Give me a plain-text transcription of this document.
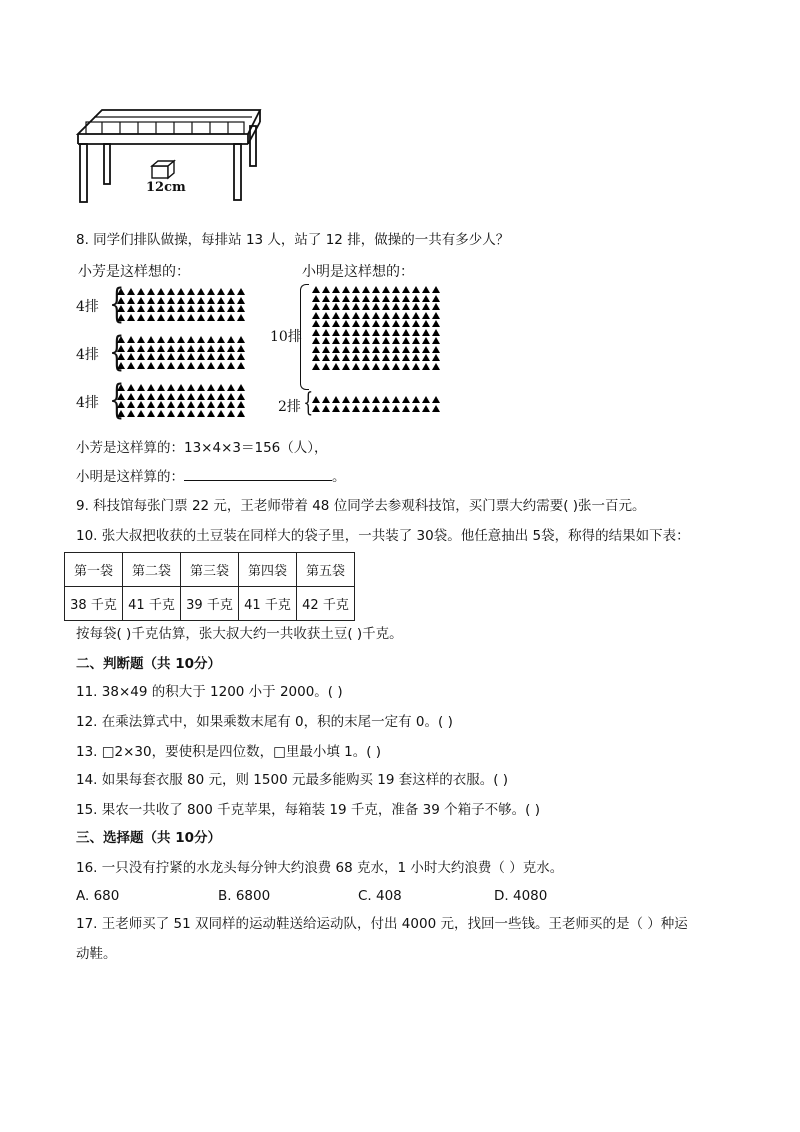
12cm
8. 同学们排队做操，每排站 13 人，站了 12 排，做操的一共有多少人？
小芳是这样想的：	小明是这样想的：
4排 {
4排 {
4排 {
10排
2排 {
小芳是这样算的：13×4×3＝156（人），
小明是这样算的：	。
9. 科技馆每张门票 22 元，王老师带着 48 位同学去参观科技馆，买门票大约需要( )张一百元。
10. 张大叔把收获的土豆装在同样大的袋子里，一共装了 30袋。他任意抽出 5袋，称得的结果如下表：
第一袋	第二袋	第三袋	第四袋	第五袋
38 千克	41 千克	39 千克	41 千克	42 千克
按每袋( )千克估算，张大叔大约一共收获土豆( )千克。
二、判断题（共 10分）
11. 38×49 的积大于 1200 小于 2000。( )
12. 在乘法算式中，如果乘数末尾有 0，积的末尾一定有 0。( )
13. □2×30，要使积是四位数，□里最小填 1。( )
14. 如果每套衣服 80 元，则 1500 元最多能购买 19 套这样的衣服。( )
15. 果农一共收了 800 千克苹果，每箱装 19 千克，准备 39 个箱子不够。( )
三、选择题（共 10分）
16. 一只没有拧紧的水龙头每分钟大约浪费 68 克水，1 小时大约浪费（ ）克水。
A. 680	B. 6800	C. 408	D. 4080
17. 王老师买了 51 双同样的运动鞋送给运动队，付出 4000 元，找回一些钱。王老师买的是（ ）种运
动鞋。
